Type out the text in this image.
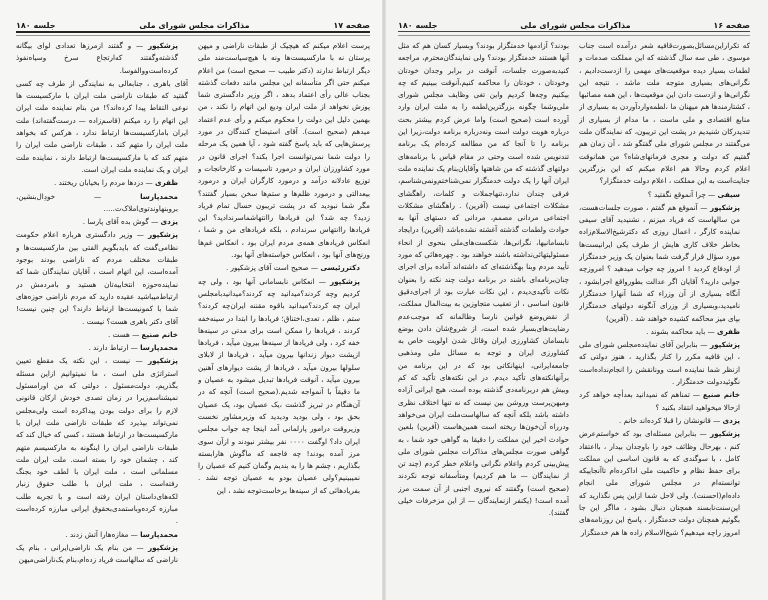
صفحه ۱۷
مذاکرات مجلس شورای ملی
جلسه ۱۸۰

پرست اعلام میکنم که هیچیک از طبقات ناراضی و میهن پرستان نه با مارکسیست‌ها ونه با هیچ‌سیاست‌مند ملی دیگر ارتباط ندارند (دکتر طبیب — صحیح است) من اعلام میکنم حتی اگر متأسفانه این مجلس مانند دفعات گذشته بجناب عالی رأی اعتماد بدهد ، اگر وزیر دادگستری شما پوزش نخواهد از ملت ایران ودیع این اتهام را نکند ، من بهمین دلیل این دولت را محکوم میکنم و رأی عدم اعتماد میدهم (صحیح است). آقای استیضاح کنندگان در مورد پرسش‌هایی که باید پاسخ گفته شود ، آیا همین یک مرحله را دولت شما نمی‌توانست اجرا بکند؟ اجرای قانون در مورد کشاورزان ایران و درمورد تاسیسات و کارخانجات و توزیع عادلانه درآمد و درمورد کارگران ایران و درمورد بیعدالتی و درمورد ظلم‌ها و ستم‌ها سخن بسیار گفتند؟ مگر شما نبودید که در پشت تریبون حسال تمام فریاد زدید؟ چه شد؟ این فریادها راانتهاشماسرندادید؟ این فریادها راانتهاس سرندادم ، بلکه فریادهای من و شما ، انعکاس فریادهای همه‌ی مردم ایران بود ، انعکاس غم‌ها ورنج‌های آنها بود ، انعکاس خواسته‌های آنها بود.

دکتررئیسی — صحیح است آقای پزشکپور .

پزشکپور — انعکاس نابسامانی آنها بود ، ولی چه کردیم وچه کردند؟میدانید چه کردند؟میدانیدبامجلس ایران چه کردند؟میدانید باقوه مقننه ایران‌چه کردند؟ ستم ، ظلم ، تعدی،اختناق؛ فریادها را ابتدا در سینه‌خفه کردند ، فریادها را ممکن است برای مدتی در سینه‌ها خفه کرد ، ولی فریادها از سینه‌ها بیرون میآید ، فریادها ازپشت دیوار زندانها بیرون میآید ، فریادها از لابلای سلولها بیرون میآید ، فریادها از پشت دیوارهای آهنین بیرون میآید ، آنوقت فریادها تبدیل میشود به عصیان و ما دقیقاً با آنمواجه شدیم.(صحیح است) آنچه که در آن‌هنگام در تبریز گذشت ،یک عصیان بود، یک عصیان بحق بود ، ولی بودید ودیدید که وزیرمشاور نخست وزیروقت درامور پارلمانی آمد اینجا چه جواب مجلس ایران داد؟ اوگفت ۰۰۰۰ نفر بیشتر نبودند و ازآن سوی مرز آمده بودند! چه فاجعه که ماگوش هارابسته بگذاریم ، چشم ها را به بندیم وگمان کنیم که عصیان را نمیبینیم؟ولی عصیان بودو به عصیان توجه نشد . بفریادهائی که از سینه‌ها برخاست‌توجه نشد ، این

پزشکپور — و گفتند ازمرزها تعدادی لوای بیگانه گذشته‌وگفتند که‌ارتجاع سرخ وسیاه‌نفوذ کرده‌است‌ووالفوسا.

آقای باهری ، جنابعالی به نمایندگی از طرف چه کسی گفتید که طبقات ناراضی ملت ایران با مارکسیست ها نوعی التقاط پیدا کرده‌اند؟! من بنام نماینده ملت ایران این اتهام را رد میکنم (قاسم‌زاده — درست‌گفته‌اند) ملت ایران بامارکسیست‌ها ارتباط ندارد ، هرکس که بخواهد ملت ایران را متهم کند ، طبقات ناراضی ملت ایران را متهم کند که با مارکسیست‌ها ارتباط دارند ، نماینده ملت ایران و یک نماینده ملت ایران است.

ظفری — دزدها مردم را بخیابان ریختند .

محمدپارسا — خودِال‌بنشین، بروبنهاوندتوی‌املاک‌ت.....

یزدی — گوش بده آقای پارسا .

پزشکپور — وزیر دادگستری هرباره اعلام حکومت نظامی‌گفت که بایدبگویم الفتی بین مارکسیست‌ها و طبقات مختلف مردم که ناراضی بودند بوجود آمده‌است، این اتهام است ، آقایان نمایندگان شما که نماینده‌حوزه انتخابیه‌تان هستید و بامردمش در ارتباط‌میباشید عقیده دارید که مردم ناراضی حوزه‌های شما با کمونیست‌ها ارتباط دارند؟ این چنین نیست! آقای دکتر باهری هست؟ نیست .

خانم صنیع — هست .

محمدپارسا — ارتباط دارند .

پزشکپور — نیست ، این نکته یک مقطع تعیین استراتژی ملی است ، ما نمیتوانیم ازاین مسئله بگذریم، دولت‌مسئول ، دولتی که من اورامسئول نمیشناسم‌زیرا در زمان تصدی خودش ارکان قانونی لازم را برای دولت بودن پیداکرده است ولی‌مجلس نمی‌تواند بپذیرد که طبقات ناراضی ملت ایران با مارکسیست‌ها در ارتباط هستند ، کسی که خیال کند که طبقات ناراضی ایران را اینگونه به مارکسیسم متهم کند ، چشمان خود را بسته است. ملت ایران ملت مسلمانی است ، ملت ایران با لطف خود بجنگ رفته‌است ، ملت ایران با طلب حقوق زنبار لکه‌های‌داستان ایران رفته است و با تجربه طلب مبارزه کرده‌وباستمدی‌بحقوق ایرانی مبارزه کرده‌است .

محمدپارسا — مغازه‌هارا آتش زدند .

پزشکپور — من بنام یک ناراضی‌ایرانی ، بنام یک ناراضی که سالهاست فریاد زده‌ام،بنام یک‌ناراضی‌میهن

صفحه ۱۶
مذاکرات مجلس شورای ملی
جلسه ۱۸۰

که تکراراین‌مسائل‌بصورت‌قافیه شعر درآمده است جناب موسوی ، طی سه سال گذشته که این مملکت صدمات و لطمات بسیار دیده موقعیت‌های مهمی را ازدست‌دادیم ، نگرانی‌های بسیاری متوجه ملت ماشد ، نتیجه این نگرانی‌ها و ازدست دادن این موقعیت‌ها ، این همه مصائبها ، کشتارمندها هم میهنان ما ،لطمه‌واردآوردن به بسیاری از منابع اقتصادی و ملی ماست ، ما مدام از بسیاری از تندیدرکان شنیدیم در پشت این تریبون، که نمایندگان ملت می‌گفتند در مجلس شورای ملی گفتگو شد ، آن زمان هم گفتیم که دولت و مجری فرمانهای‌شاه؟ من همانوقت اعلام کردم وحالا هم اعلام میکنم که این بزرگترین جنایت‌است به این مملکت ، اعلام دولت خدمتگزار؟

سیفی — چرا آنموقع نگفتید ؟

پزشکپور — آنموقع هم گفتم ، صورت جلسات‌هست، من سالهاست که فریاد میزنم ، نشنیدید آقای سیفی نماینده کارگر ، اعمال روزی که دکترشیخ‌الاسلام‌زاده بخاطر خلاف کاری هایش از طرف یکی ایرانیست‌ها مورد سؤال قرار گرفت شما بعنوان یک وزیر خدمتگزار از اودفاع کردید ! امروز چه جواب میدهید ؟ امروزچه جوابی دارید؟ آقایان اگر عدالت بطورواقع اجرابشود ، آنگاه بسیاری از آن وزراء که شما آنهارا خدمتگزار نامیدید،وبسیاری از وزرای آنگونه دولتهای خدمتگزار بپای میز محاکمه کشیده خواهند شد . (آفرین)

ظفری — باید محاکمه بشوند .

پزشکپور — بنابراین آقای نماینده‌مجلس شورای ملی ، این قافیه مکرر را کنار بگذارید ، هنوز دولتی که ازنظر شما نماینده است وونانقشن را انجام‌نداده‌است نگوئیددولت خدمتگزار .

خانم صنیع — تمناهم که نمیدانید بعدأچه خواهد کرد ازحالا میخواهید انتقاد بکنید ؟

یزدی — قانونشان را قبلا کرده‌اند خانم .

پزشکپور — بنابراین مسئله‌ای بود که خواستم‌عرض کنم ، بهرحال وظائف خود را باوجدان بیدار ، بااعتقاد کامل ، با سوگندی که به قانون اساسی این مملکت برای حفظ نظام و حاکمیت ملی اداکرده‌ام تاآنجاییکه توانسته‌ام در مجلس شورای ملی انجام داده‌ام(احسنت). ولی لاحل شما ازاین پس نگذارید که این‌سنت‌نابسند همچنان دنبال بشود ، مااگر این جا بگوئیم همچنان دولت خدمتگزار ، پاسخ این روزنامه‌های امروز راچه میدهیم؟ شیخ‌الاسلام زاده ها هم خدمتگزار

بودند؟ آزادمها خدمتگزار بودند؟ وبسیار کسان هم که مثل آنها هستند خدمتگزار بودند؟ ولی نمایندگان‌محترم، مراجعه کنیدبه‌صورت جلسات، آنوقت در برابر وجدان خودتان وخودتان ، خودتان را محاکمه کنیم،آنوقت ببینیم که چه بیکنیم وچه‌ها کردیم واین تغی وظایف مجلس شورای ملی‌وشما چگونه بزرگترین‌لطمه را به ملت ایران وارد آورده است (صحیح است) واما عرض کردم بیشتر بحث درباره هویت دولت است ونه‌درباره برنامه دولت،زیرا این برنامه را تا آنجا که من مطالعه کرده‌ام یک برنامه تندنویس شده است وحتی در مقام قیاس با برنامه‌های دولتهای گذشته که من شاهتها وآقایان‌بنام یک نماینده ملت ایران آنها را یک دولت خدمتگزار نمی‌شناختم‌ونمی‌شناسم، فرقی چندان ندارد،تنهاجملات و کلمات، راهگشای مشکلات اجتماعی نیست (آفرین) . راهگشای مشکلات اجتماعی مردانی مصمم، مردانی که دستهای آنها به حوادث ولطمات گذشته آغشته نشده‌باشد (آفرین) درایجاد نابسامانیها، نگرانی‌ها، شکست‌های‌ملی بنحوی از انحاء مسئولیتهائی‌نداشته باشند خواهند بود . چهره‌هائی که مورد تأیید مردم وبنا بهگذشته‌ای که داشته‌اند آماده برای اجرای چنان‌برنامه‌ای باشند در برنامه دولت چند نکته را بعنوان نکات تأکیدی‌دیدم ، این نکات عبارت بود از اجرای‌دقیق قانون اساسی ، از تعقیب متجاوزین به بیت‌المال مملکت، از نقض‌وضع قوانین نارسا وظالمانه که موجب‌عدم رضایت‌های‌بسیار شده است، از شروع‌شان دادن بوضع نابسامان کشاورزی ایران وقائل شدن اولویت خاص به کشاورزی ایران و توجه به مسائل ملی ومذهبی جامعه‌ایرانی، اینهانکاتی بود که در این برنامه من برآنهانکته‌های تأکید دیدم. در این نکته‌های تأکید که کم وبیش هم دربرنامه‌دی گذشته بوده است، هیچ ایرانی آزاده ومیهن‌پرست وروشن بین نیست که نه تنها اختلاف نظری داشته باشد بلکه آنچه که سالهاست‌ملت ایران می‌خواهد ودرراه آن‌خون‌ها ریخته است همین‌هاست (آفرین) بلعین حوادث اخیر این مملکت را دقیقا به گواهی خود شما ، به گواهی صورت مجلس‌های مذاکرات مجلس شورای ملی پیش‌بینی کردم واعلام نگرانی واعلام خطر کردم (چند تن از نمایندگان — ما هم کردیم) ومتأسفانه توجه نکردند (صحیح است) وگفتند که نیروی اجنبی از آن سمت مرز آمده است! (یکنفر ازنمایندگان — از این مزخرفات خیلی گفتند).
